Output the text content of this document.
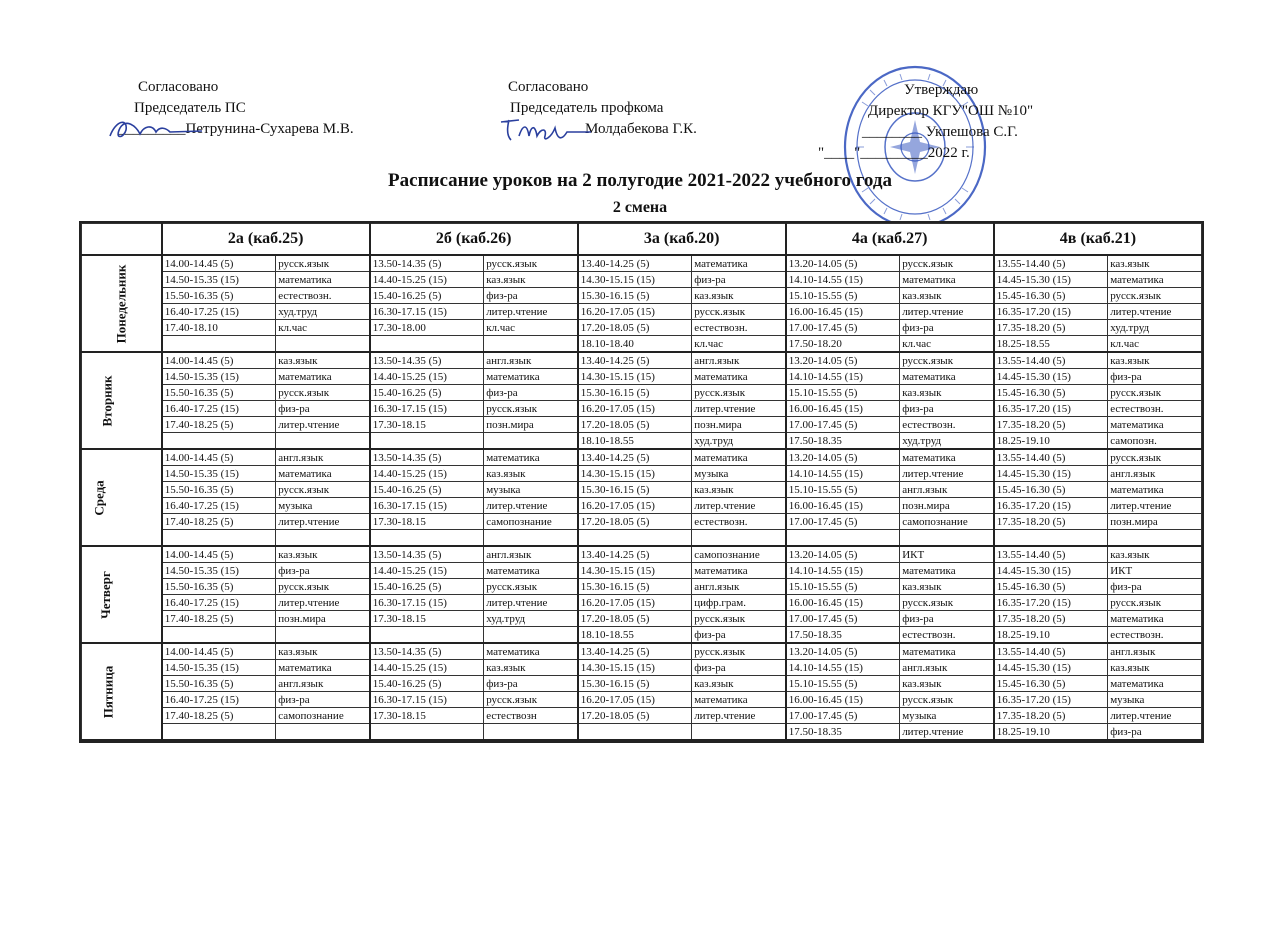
Согласовано
Председатель ПС
_________Петрунина-Сухарева М.В.
Согласовано
Председатель профкома
Молдабекова Г.К.
Утверждаю
Директор КГУ"ОШ №10"
________ Укпешова С.Г.
"____"_________2022 г.
Расписание уроков на 2 полугодие 2021-2022 учебного года
2 смена
	2а (каб.25)		2б (каб.26)		3а (каб.20)		4а (каб.27)		4в (каб.21)	
Понедельник	14.00-14.45 (5)	русск.язык	13.50-14.35 (5)	русск.язык	13.40-14.25 (5)	математика	13.20-14.05 (5)	русск.язык	13.55-14.40 (5)	каз.язык
	14.50-15.35 (15)	математика	14.40-15.25 (15)	каз.язык	14.30-15.15 (15)	физ-ра	14.10-14.55 (15)	математика	14.45-15.30 (15)	математика
	15.50-16.35 (5)	естествозн.	15.40-16.25 (5)	физ-ра	15.30-16.15 (5)	каз.язык	15.10-15.55 (5)	каз.язык	15.45-16.30 (5)	русск.язык
	16.40-17.25 (15)	худ.труд	16.30-17.15 (15)	литер.чтение	16.20-17.05 (15)	русск.язык	16.00-16.45 (15)	литер.чтение	16.35-17.20 (15)	литер.чтение
	17.40-18.10	кл.час	17.30-18.00	кл.час	17.20-18.05 (5)	естествозн.	17.00-17.45 (5)	физ-ра	17.35-18.20 (5)	худ.труд
					18.10-18.40	кл.час	17.50-18.20	кл.час	18.25-18.55	кл.час
Вторник	14.00-14.45 (5)	каз.язык	13.50-14.35 (5)	англ.язык	13.40-14.25 (5)	англ.язык	13.20-14.05 (5)	русск.язык	13.55-14.40 (5)	каз.язык
	14.50-15.35 (15)	математика	14.40-15.25 (15)	математика	14.30-15.15 (15)	математика	14.10-14.55 (15)	математика	14.45-15.30 (15)	физ-ра
	15.50-16.35 (5)	русск.язык	15.40-16.25 (5)	физ-ра	15.30-16.15 (5)	русск.язык	15.10-15.55 (5)	каз.язык	15.45-16.30 (5)	русск.язык
	16.40-17.25 (15)	физ-ра	16.30-17.15 (15)	русск.язык	16.20-17.05 (15)	литер.чтение	16.00-16.45 (15)	физ-ра	16.35-17.20 (15)	естествозн.
	17.40-18.25 (5)	литер.чтение	17.30-18.15	позн.мира	17.20-18.05 (5)	позн.мира	17.00-17.45 (5)	естествозн.	17.35-18.20 (5)	математика
					18.10-18.55	худ.труд	17.50-18.35	худ.труд	18.25-19.10	самопозн.
Среда	14.00-14.45 (5)	англ.язык	13.50-14.35 (5)	математика	13.40-14.25 (5)	математика	13.20-14.05 (5)	математика	13.55-14.40 (5)	русск.язык
	14.50-15.35 (15)	математика	14.40-15.25 (15)	каз.язык	14.30-15.15 (15)	музыка	14.10-14.55 (15)	литер.чтение	14.45-15.30 (15)	англ.язык
	15.50-16.35 (5)	русск.язык	15.40-16.25 (5)	музыка	15.30-16.15 (5)	каз.язык	15.10-15.55 (5)	англ.язык	15.45-16.30 (5)	математика
	16.40-17.25 (15)	музыка	16.30-17.15 (15)	литер.чтение	16.20-17.05 (15)	литер.чтение	16.00-16.45 (15)	позн.мира	16.35-17.20 (15)	литер.чтение
	17.40-18.25 (5)	литер.чтение	17.30-18.15	самопознание	17.20-18.05 (5)	естествозн.	17.00-17.45 (5)	самопознание	17.35-18.20 (5)	позн.мира

Четверг	14.00-14.45 (5)	каз.язык	13.50-14.35 (5)	англ.язык	13.40-14.25 (5)	самопознание	13.20-14.05 (5)	ИКТ	13.55-14.40 (5)	каз.язык
	14.50-15.35 (15)	физ-ра	14.40-15.25 (15)	математика	14.30-15.15 (15)	математика	14.10-14.55 (15)	математика	14.45-15.30 (15)	ИКТ
	15.50-16.35 (5)	русск.язык	15.40-16.25 (5)	русск.язык	15.30-16.15 (5)	англ.язык	15.10-15.55 (5)	каз.язык	15.45-16.30 (5)	физ-ра
	16.40-17.25 (15)	литер.чтение	16.30-17.15 (15)	литер.чтение	16.20-17.05 (15)	цифр.грам.	16.00-16.45 (15)	русск.язык	16.35-17.20 (15)	русск.язык
	17.40-18.25 (5)	позн.мира	17.30-18.15	худ.труд	17.20-18.05 (5)	русск.язык	17.00-17.45 (5)	физ-ра	17.35-18.20 (5)	математика
					18.10-18.55	физ-ра	17.50-18.35	естествозн.	18.25-19.10	естествозн.
Пятница	14.00-14.45 (5)	каз.язык	13.50-14.35 (5)	математика	13.40-14.25 (5)	русск.язык	13.20-14.05 (5)	математика	13.55-14.40 (5)	англ.язык
	14.50-15.35 (15)	математика	14.40-15.25 (15)	каз.язык	14.30-15.15 (15)	физ-ра	14.10-14.55 (15)	англ.язык	14.45-15.30 (15)	каз.язык
	15.50-16.35 (5)	англ.язык	15.40-16.25 (5)	физ-ра	15.30-16.15 (5)	каз.язык	15.10-15.55 (5)	каз.язык	15.45-16.30 (5)	математика
	16.40-17.25 (15)	физ-ра	16.30-17.15 (15)	русск.язык	16.20-17.05 (15)	математика	16.00-16.45 (15)	русск.язык	16.35-17.20 (15)	музыка
	17.40-18.25 (5)	самопознание	17.30-18.15	естествозн	17.20-18.05 (5)	литер.чтение	17.00-17.45 (5)	музыка	17.35-18.20 (5)	литер.чтение
							17.50-18.35	литер.чтение	18.25-19.10	физ-ра
